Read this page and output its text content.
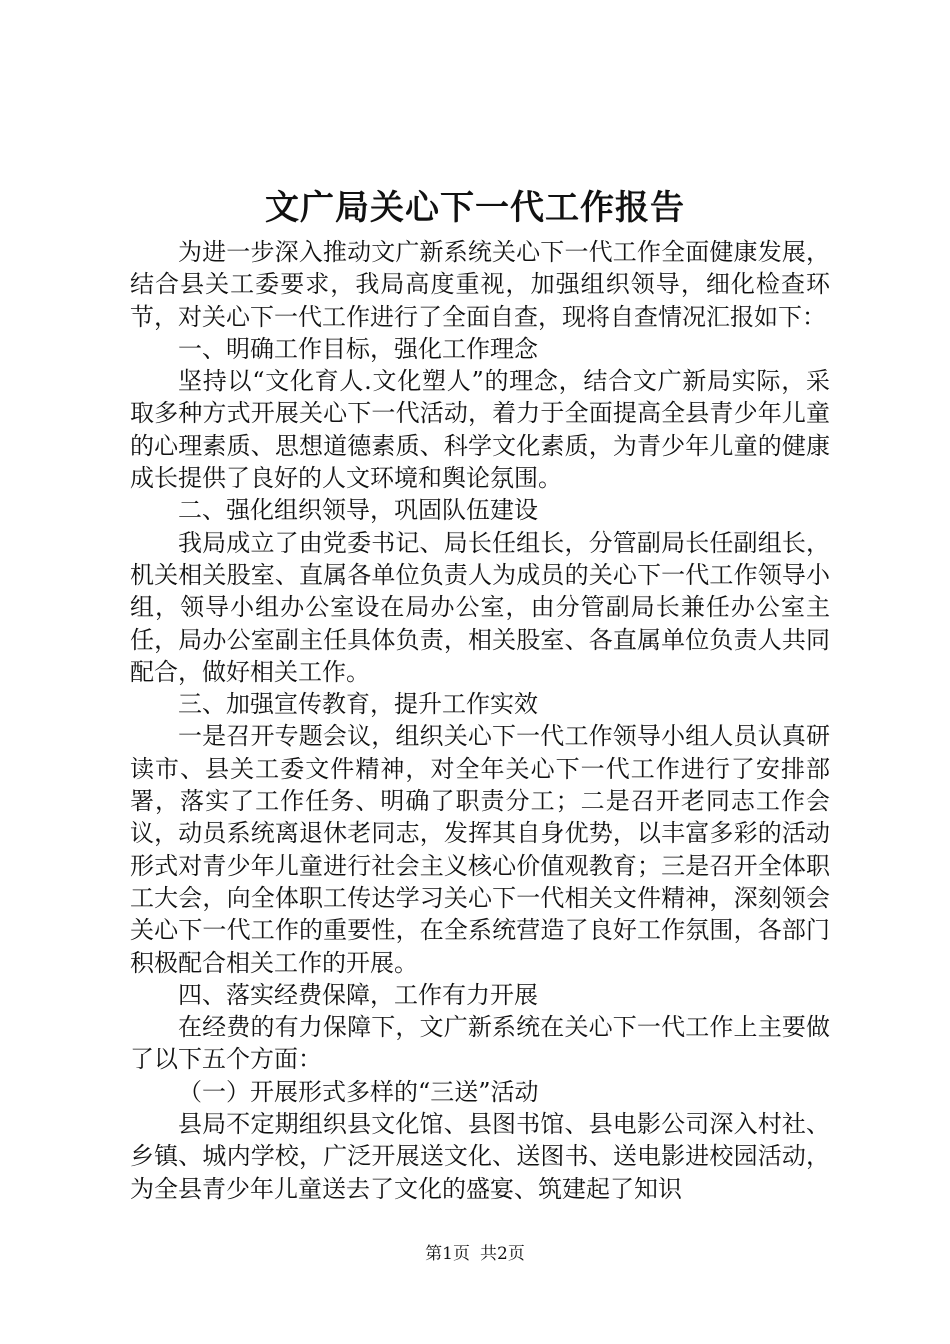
文广局关心下一代工作报告

为进一步深入推动文广新系统关心下一代工作全面健康发展，结合县关工委要求，我局高度重视，加强组织领导，细化检查环节，对关心下一代工作进行了全面自查，现将自查情况汇报如下：

一、明确工作目标，强化工作理念

坚持以“文化育人.文化塑人”的理念，结合文广新局实际，采取多种方式开展关心下一代活动，着力于全面提高全县青少年儿童的心理素质、思想道德素质、科学文化素质，为青少年儿童的健康成长提供了良好的人文环境和舆论氛围。

二、强化组织领导，巩固队伍建设

我局成立了由党委书记、局长任组长，分管副局长任副组长，机关相关股室、直属各单位负责人为成员的关心下一代工作领导小组，领导小组办公室设在局办公室，由分管副局长兼任办公室主任，局办公室副主任具体负责，相关股室、各直属单位负责人共同配合，做好相关工作。

三、加强宣传教育，提升工作实效

一是召开专题会议，组织关心下一代工作领导小组人员认真研读市、县关工委文件精神，对全年关心下一代工作进行了安排部署，落实了工作任务、明确了职责分工；二是召开老同志工作会议，动员系统离退休老同志，发挥其自身优势，以丰富多彩的活动形式对青少年儿童进行社会主义核心价值观教育；三是召开全体职工大会，向全体职工传达学习关心下一代相关文件精神，深刻领会关心下一代工作的重要性，在全系统营造了良好工作氛围，各部门积极配合相关工作的开展。

四、落实经费保障，工作有力开展

在经费的有力保障下，文广新系统在关心下一代工作上主要做了以下五个方面：

（一）开展形式多样的“三送”活动

县局不定期组织县文化馆、县图书馆、县电影公司深入村社、乡镇、城内学校，广泛开展送文化、送图书、送电影进校园活动，为全县青少年儿童送去了文化的盛宴、筑建起了知识

第1页 共2页
